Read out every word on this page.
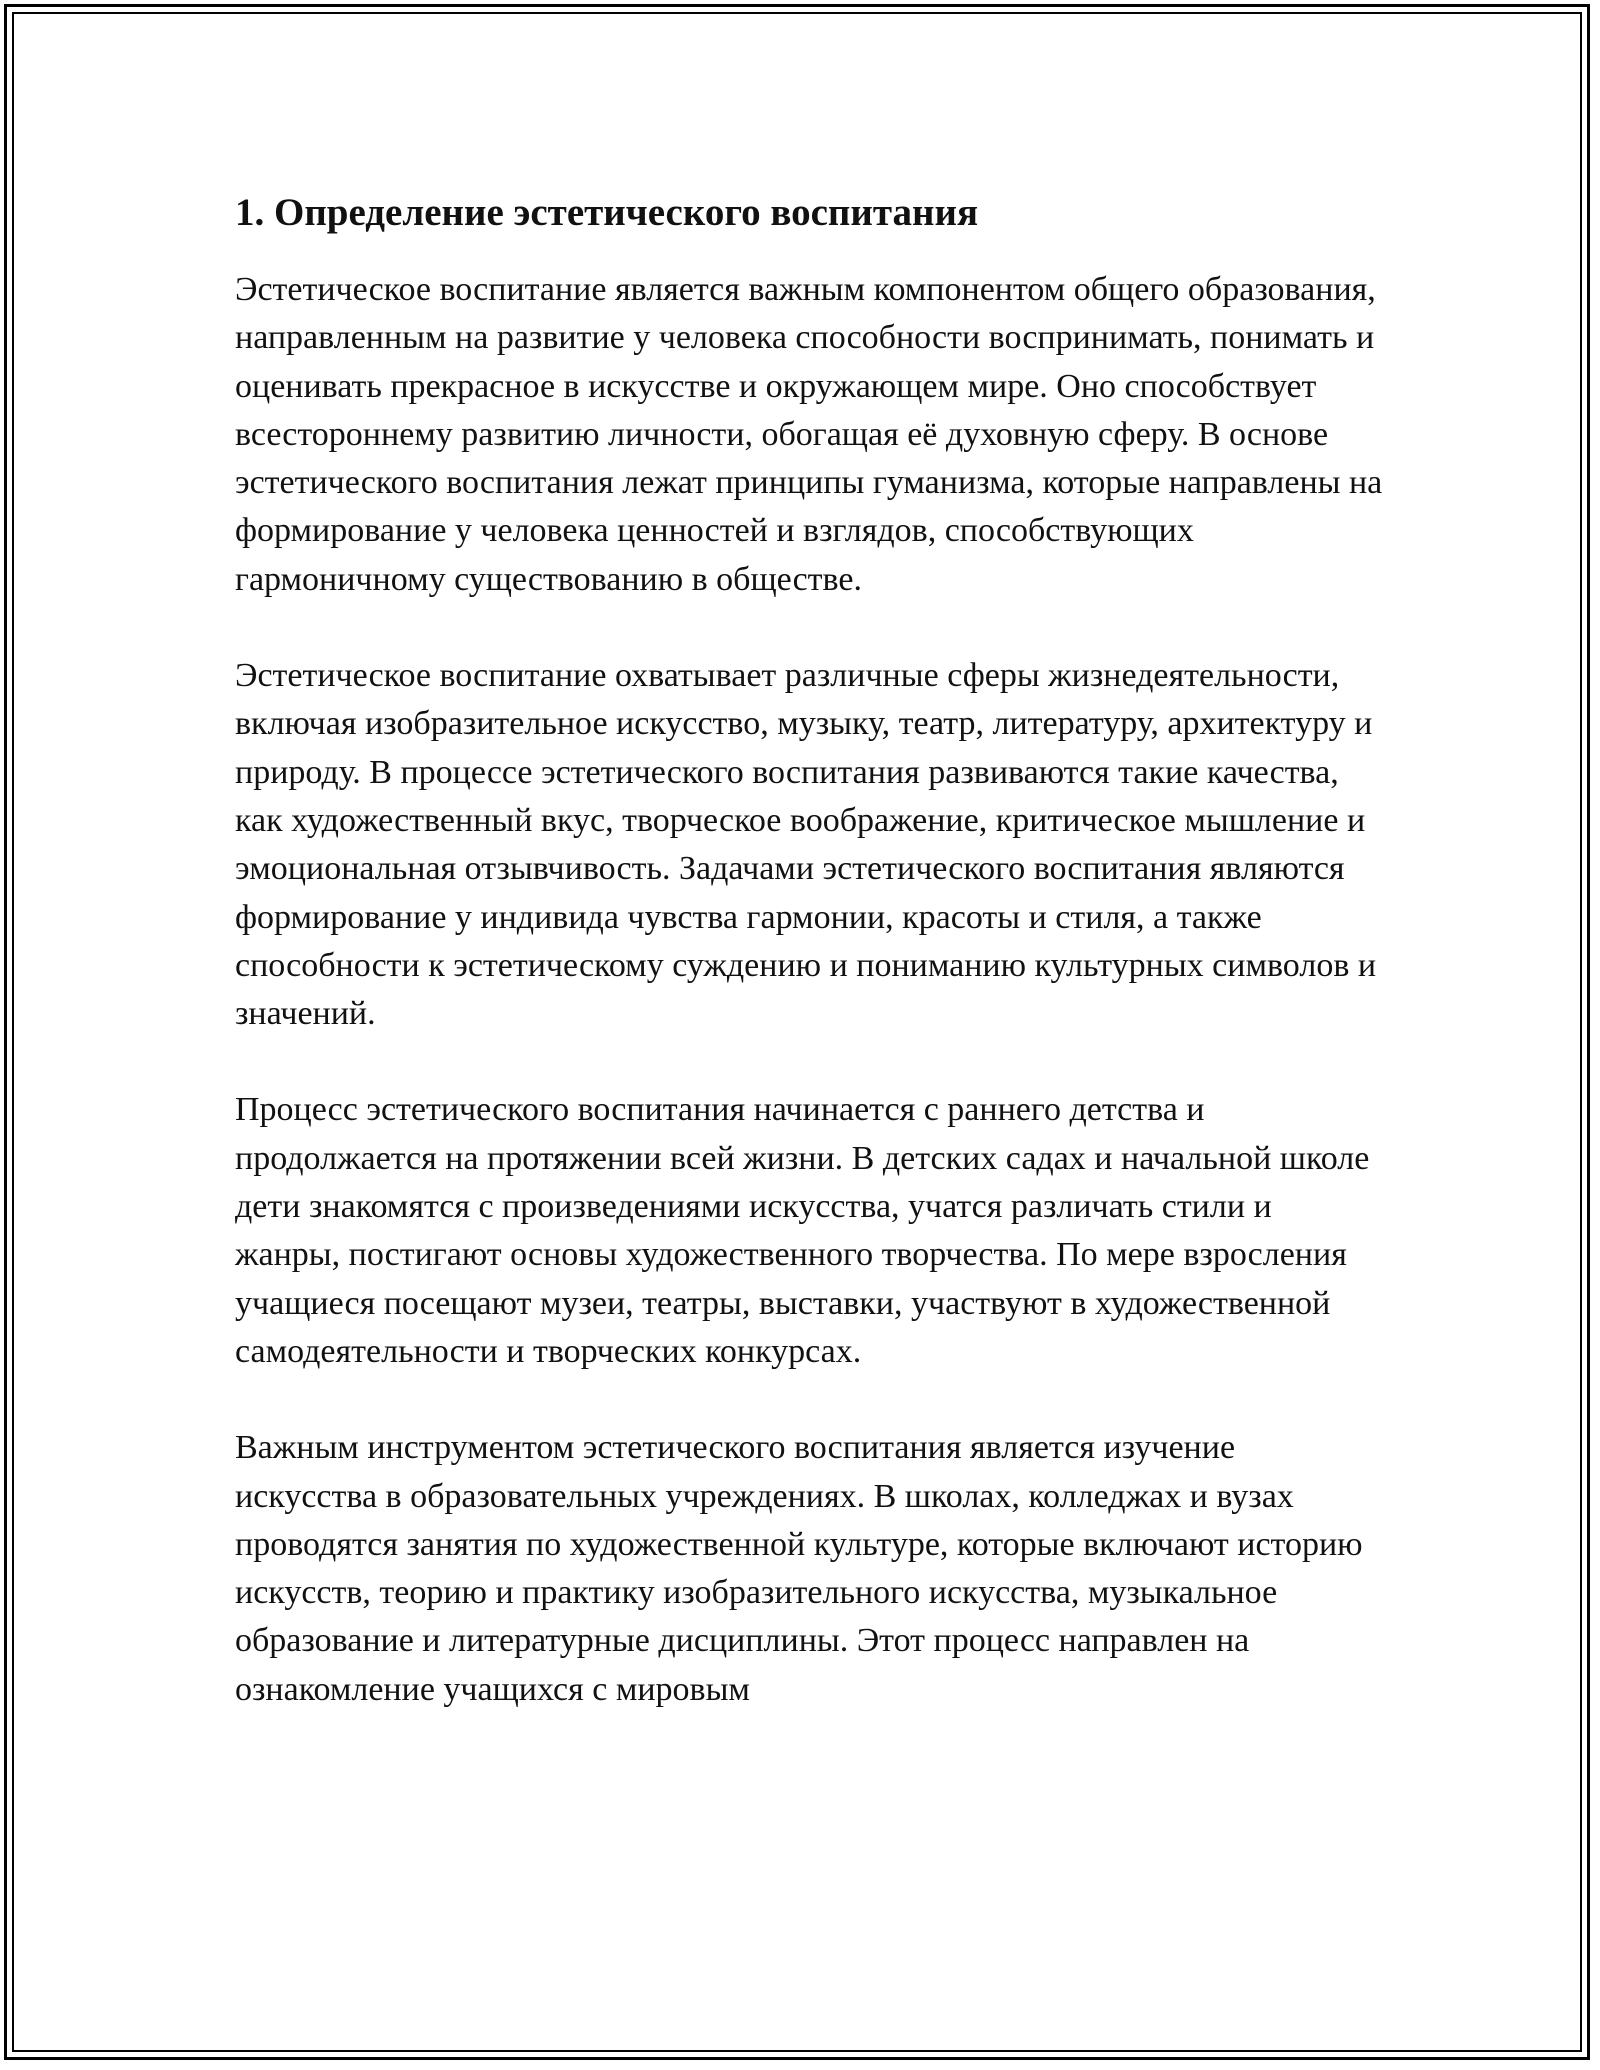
1. Определение эстетического воспитания

Эстетическое воспитание является важным компонентом общего образования, направленным на развитие у человека способности воспринимать, понимать и оценивать прекрасное в искусстве и окружающем мире. Оно способствует всестороннему развитию личности, обогащая её духовную сферу. В основе эстетического воспитания лежат принципы гуманизма, которые направлены на формирование у человека ценностей и взглядов, способствующих гармоничному существованию в обществе.

Эстетическое воспитание охватывает различные сферы жизнедеятельности, включая изобразительное искусство, музыку, театр, литературу, архитектуру и природу. В процессе эстетического воспитания развиваются такие качества, как художественный вкус, творческое воображение, критическое мышление и эмоциональная отзывчивость. Задачами эстетического воспитания являются формирование у индивида чувства гармонии, красоты и стиля, а также способности к эстетическому суждению и пониманию культурных символов и значений.

Процесс эстетического воспитания начинается с раннего детства и продолжается на протяжении всей жизни. В детских садах и начальной школе дети знакомятся с произведениями искусства, учатся различать стили и жанры, постигают основы художественного творчества. По мере взросления учащиеся посещают музеи, театры, выставки, участвуют в художественной самодеятельности и творческих конкурсах.

Важным инструментом эстетического воспитания является изучение искусства в образовательных учреждениях. В школах, колледжах и вузах проводятся занятия по художественной культуре, которые включают историю искусств, теорию и практику изобразительного искусства, музыкальное образование и литературные дисциплины. Этот процесс направлен на ознакомление учащихся с мировым
